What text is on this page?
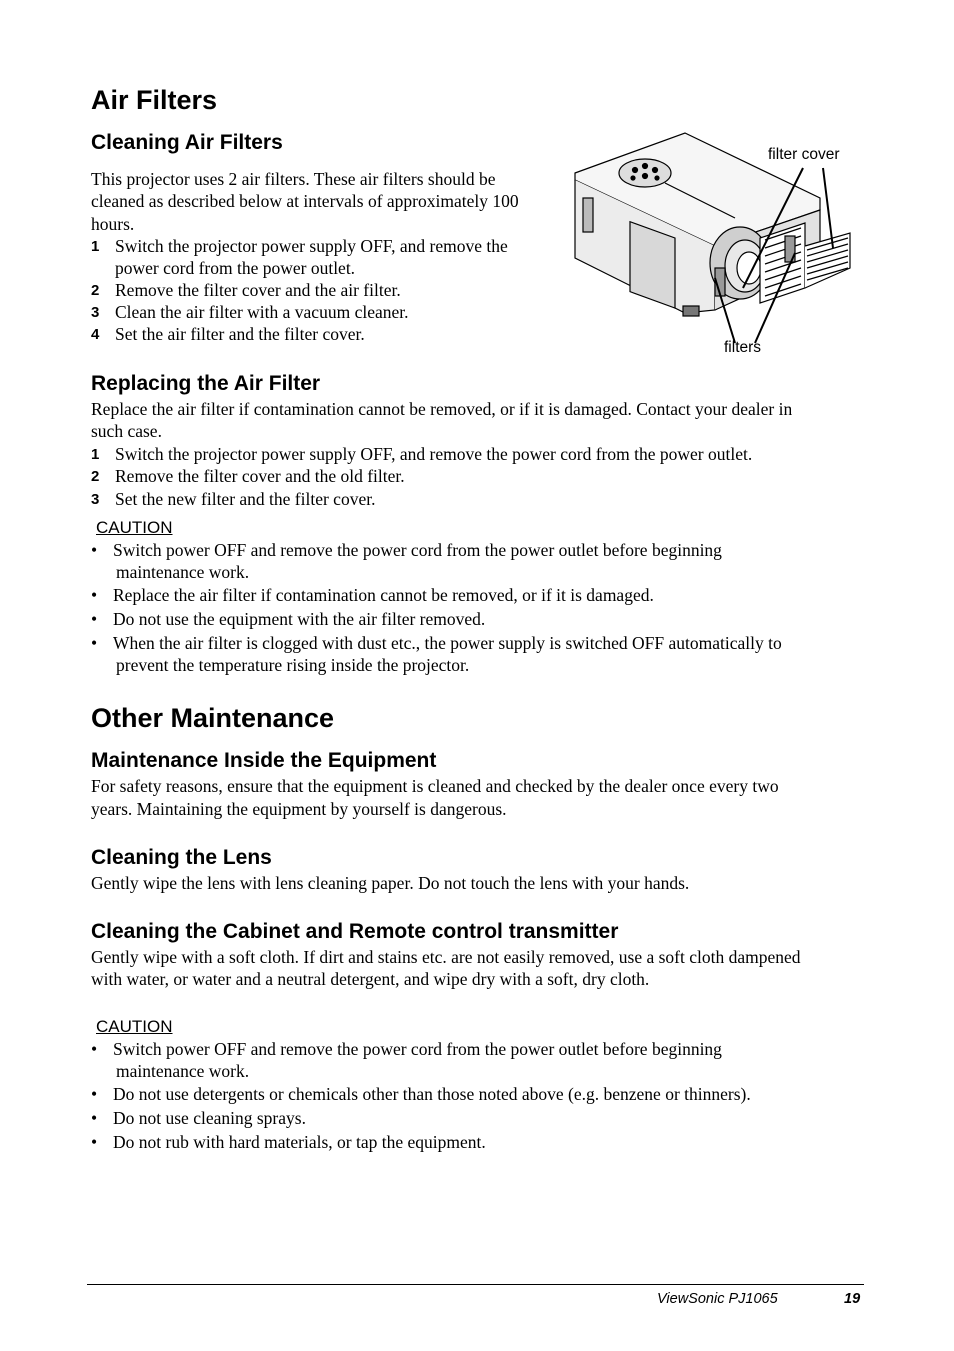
Air Filters
Cleaning Air Filters
This projector uses 2 air filters. These air filters should be
cleaned as described below at intervals of approximately 100
hours.
1 Switch the projector power supply OFF, and remove the
power cord from the power outlet.
2 Remove the filter cover and the air filter.
3 Clean the air filter with a vacuum cleaner.
4 Set the air filter and the filter cover.
filter cover
filters
Replacing the Air Filter
Replace the air filter if contamination cannot be removed, or if it is damaged. Contact your dealer in
such case.
1 Switch the projector power supply OFF, and remove the power cord from the power outlet.
2 Remove the filter cover and the old filter.
3 Set the new filter and the filter cover.
CAUTION
• Switch power OFF and remove the power cord from the power outlet before beginning
maintenance work.
• Replace the air filter if contamination cannot be removed, or if it is damaged.
• Do not use the equipment with the air filter removed.
• When the air filter is clogged with dust etc., the power supply is switched OFF automatically to
prevent the temperature rising inside the projector.
Other Maintenance
Maintenance Inside the Equipment
For safety reasons, ensure that the equipment is cleaned and checked by the dealer once every two
years. Maintaining the equipment by yourself is dangerous.
Cleaning the Lens
Gently wipe the lens with lens cleaning paper. Do not touch the lens with your hands.
Cleaning the Cabinet and Remote control transmitter
Gently wipe with a soft cloth. If dirt and stains etc. are not easily removed, use a soft cloth dampened
with water, or water and a neutral detergent, and wipe dry with a soft, dry cloth.
CAUTION
• Switch power OFF and remove the power cord from the power outlet before beginning
maintenance work.
• Do not use detergents or chemicals other than those noted above (e.g. benzene or thinners).
• Do not use cleaning sprays.
• Do not rub with hard materials, or tap the equipment.
ViewSonic PJ1065	19
